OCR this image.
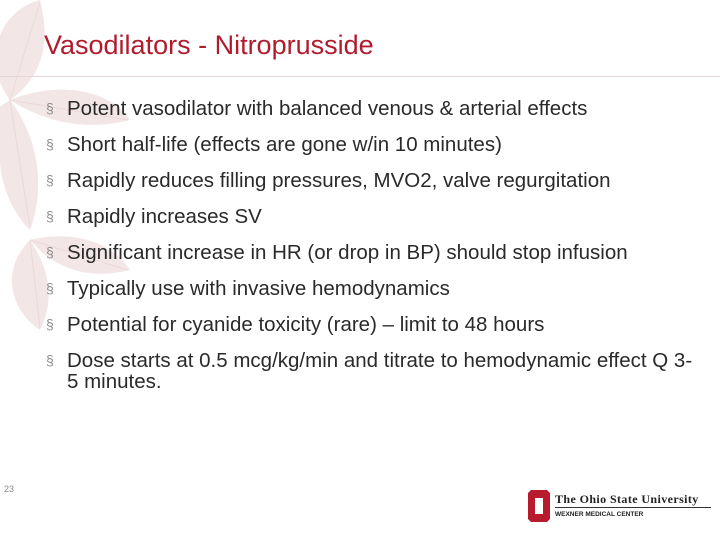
Vasodilators - Nitroprusside
§ Potent vasodilator with balanced venous & arterial effects
§ Short half-life (effects are gone w/in 10 minutes)
§ Rapidly reduces filling pressures, MVO2, valve regurgitation
§ Rapidly increases SV
§ Significant increase in HR (or drop in BP) should stop infusion
§ Typically use with invasive hemodynamics
§ Potential for cyanide toxicity (rare) – limit to 48 hours
§ Dose starts at 0.5 mcg/kg/min and titrate to hemodynamic effect Q 3-5 minutes.
23
The Ohio State University
WEXNER MEDICAL CENTER
